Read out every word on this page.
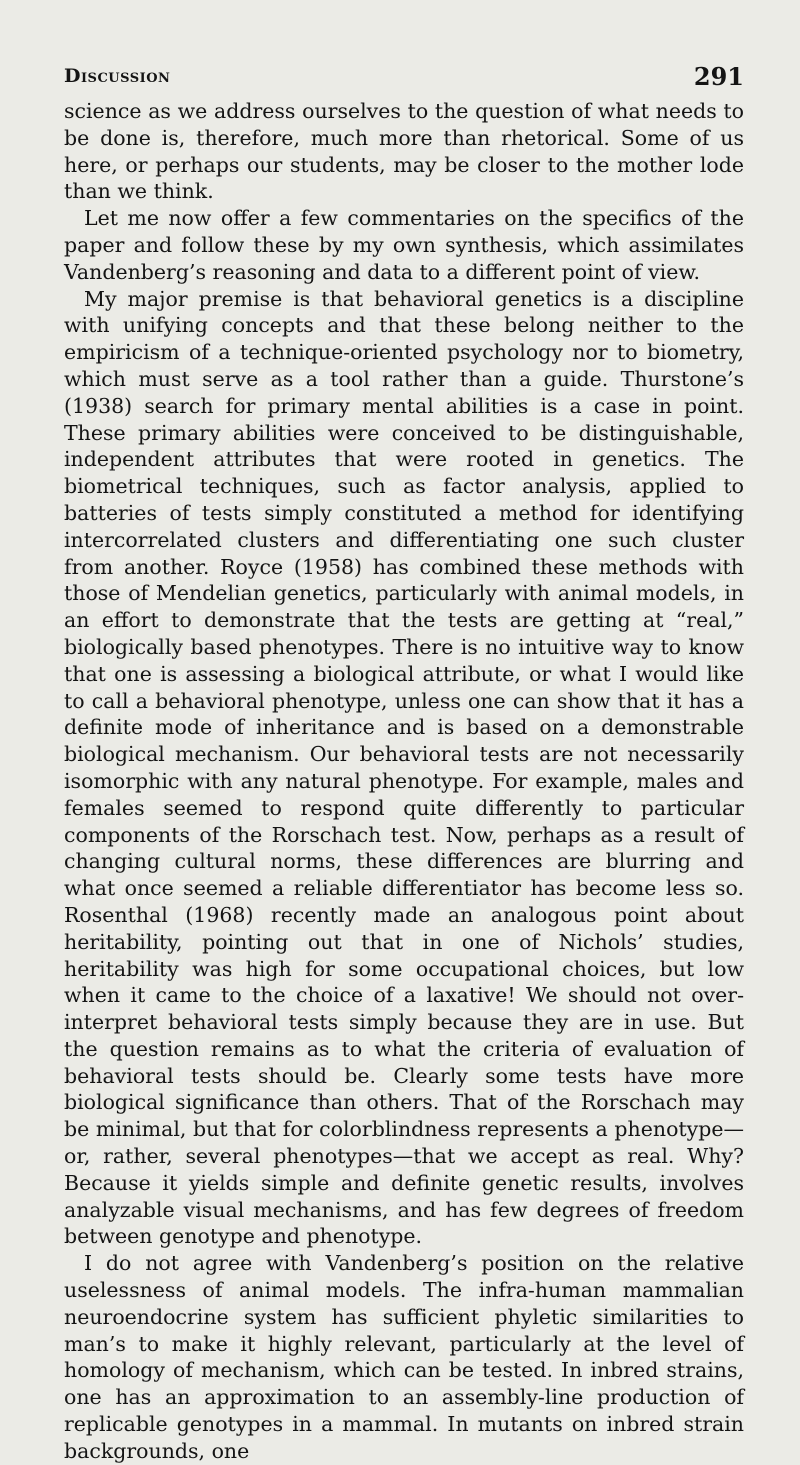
Discussion	291

science as we address ourselves to the question of what needs to be done is, therefore, much more than rhetorical. Some of us here, or perhaps our students, may be closer to the mother lode than we think.

Let me now offer a few commentaries on the specifics of the paper and follow these by my own synthesis, which assimilates Vandenberg’s reasoning and data to a different point of view.

My major premise is that behavioral genetics is a discipline with unifying concepts and that these belong neither to the empiricism of a technique-oriented psychology nor to biometry, which must serve as a tool rather than a guide. Thurstone’s (1938) search for primary mental abilities is a case in point. These primary abilities were conceived to be distinguishable, independent attributes that were rooted in genetics. The biometrical techniques, such as factor analysis, applied to batteries of tests simply constituted a method for identifying intercorrelated clusters and differentiating one such cluster from another. Royce (1958) has combined these methods with those of Mendelian genetics, particularly with animal models, in an effort to demonstrate that the tests are getting at “real,” biologically based phenotypes. There is no intuitive way to know that one is assessing a biological attribute, or what I would like to call a behavioral phenotype, unless one can show that it has a definite mode of inheritance and is based on a demonstrable biological mechanism. Our behavioral tests are not necessarily isomorphic with any natural phenotype. For example, males and females seemed to respond quite differently to particular components of the Rorschach test. Now, perhaps as a result of changing cultural norms, these differences are blurring and what once seemed a reliable differentiator has become less so. Rosenthal (1968) recently made an analogous point about heritability, pointing out that in one of Nichols’ studies, heritability was high for some occupational choices, but low when it came to the choice of a laxative! We should not over-interpret behavioral tests simply because they are in use. But the question remains as to what the criteria of evaluation of behavioral tests should be. Clearly some tests have more biological significance than others. That of the Rorschach may be minimal, but that for colorblindness represents a phenotype—or, rather, several phenotypes—that we accept as real. Why? Because it yields simple and definite genetic results, involves analyzable visual mechanisms, and has few degrees of freedom between genotype and phenotype.

I do not agree with Vandenberg’s position on the relative uselessness of animal models. The infra-human mammalian neuroendocrine system has sufficient phyletic similarities to man’s to make it highly relevant, particularly at the level of homology of mechanism, which can be tested. In inbred strains, one has an approximation to an assembly-line production of replicable genotypes in a mammal. In mutants on inbred strain backgrounds, one
